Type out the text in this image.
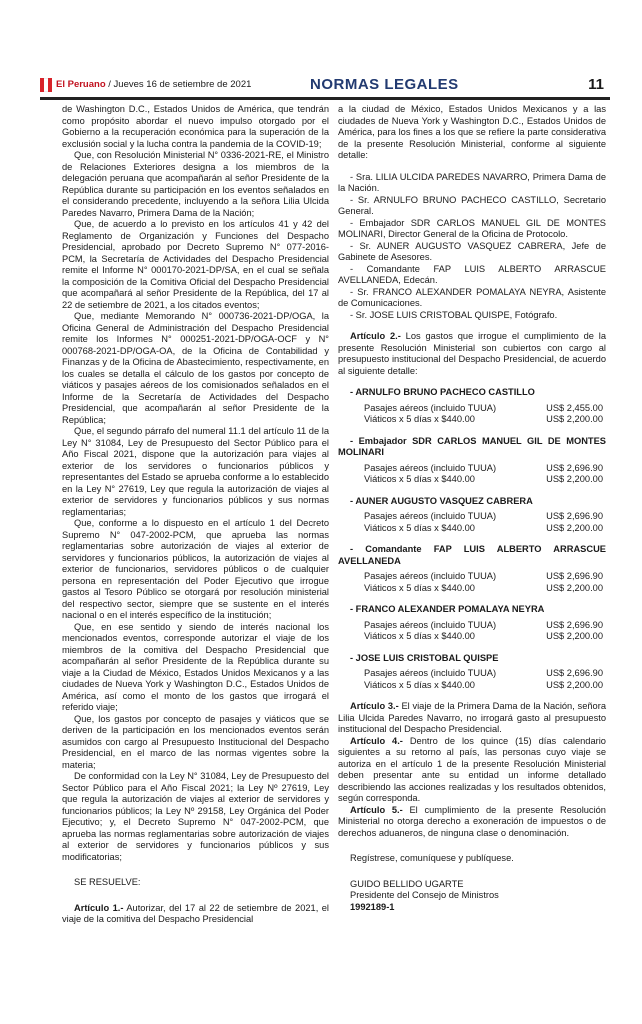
El Peruano / Jueves 16 de setiembre de 2021	NORMAS LEGALES	11

de Washington D.C., Estados Unidos de América, que tendrán como propósito abordar el nuevo impulso otorgado por el Gobierno a la recuperación económica para la superación de la exclusión social y la lucha contra la pandemia de la COVID-19;

Que, con Resolución Ministerial N° 0336-2021-RE, el Ministro de Relaciones Exteriores designa a los miembros de la delegación peruana que acompañarán al señor Presidente de la República durante su participación en los eventos señalados en el considerando precedente, incluyendo a la señora Lilia Ulcida Paredes Navarro, Primera Dama de la Nación;

Que, de acuerdo a lo previsto en los artículos 41 y 42 del Reglamento de Organización y Funciones del Despacho Presidencial, aprobado por Decreto Supremo N° 077-2016-PCM, la Secretaría de Actividades del Despacho Presidencial remite el Informe N° 000170-2021-DP/SA, en el cual se señala la composición de la Comitiva Oficial del Despacho Presidencial que acompañará al señor Presidente de la República, del 17 al 22 de setiembre de 2021, a los citados eventos;

Que, mediante Memorando N° 000736-2021-DP/OGA, la Oficina General de Administración del Despacho Presidencial remite los Informes N° 000251-2021-DP/OGA-OCF y N° 000768-2021-DP/OGA-OA, de la Oficina de Contabilidad y Finanzas y de la Oficina de Abastecimiento, respectivamente, en los cuales se detalla el cálculo de los gastos por concepto de viáticos y pasajes aéreos de los comisionados señalados en el Informe de la Secretaría de Actividades del Despacho Presidencial, que acompañarán al señor Presidente de la República;

Que, el segundo párrafo del numeral 11.1 del artículo 11 de la Ley N° 31084, Ley de Presupuesto del Sector Público para el Año Fiscal 2021, dispone que la autorización para viajes al exterior de los servidores o funcionarios públicos y representantes del Estado se aprueba conforme a lo establecido en la Ley N° 27619, Ley que regula la autorización de viajes al exterior de servidores y funcionarios públicos y sus normas reglamentarias;

Que, conforme a lo dispuesto en el artículo 1 del Decreto Supremo N° 047-2002-PCM, que aprueba las normas reglamentarias sobre autorización de viajes al exterior de servidores y funcionarios públicos, la autorización de viajes al exterior de funcionarios, servidores públicos o de cualquier persona en representación del Poder Ejecutivo que irrogue gastos al Tesoro Público se otorgará por resolución ministerial del respectivo sector, siempre que se sustente en el interés nacional o en el interés específico de la institución;

Que, en ese sentido y siendo de interés nacional los mencionados eventos, corresponde autorizar el viaje de los miembros de la comitiva del Despacho Presidencial que acompañarán al señor Presidente de la República durante su viaje a la Ciudad de México, Estados Unidos Mexicanos y a las ciudades de Nueva York y Washington D.C., Estados Unidos de América, así como el monto de los gastos que irrogará el referido viaje;

Que, los gastos por concepto de pasajes y viáticos que se deriven de la participación en los mencionados eventos serán asumidos con cargo al Presupuesto Institucional del Despacho Presidencial, en el marco de las normas vigentes sobre la materia;

De conformidad con la Ley N° 31084, Ley de Presupuesto del Sector Público para el Año Fiscal 2021; la Ley Nº 27619, Ley que regula la autorización de viajes al exterior de servidores y funcionarios públicos; la Ley Nº 29158, Ley Orgánica del Poder Ejecutivo; y, el Decreto Supremo N° 047-2002-PCM, que aprueba las normas reglamentarias sobre autorización de viajes al exterior de servidores y funcionarios públicos y sus modificatorias;

SE RESUELVE:

Artículo 1.- Autorizar, del 17 al 22 de setiembre de 2021, el viaje de la comitiva del Despacho Presidencial

a la ciudad de México, Estados Unidos Mexicanos y a las ciudades de Nueva York y Washington D.C., Estados Unidos de América, para los fines a los que se refiere la parte considerativa de la presente Resolución Ministerial, conforme al siguiente detalle:

- Sra. LILIA ULCIDA PAREDES NAVARRO, Primera Dama de la Nación.

- Sr. ARNULFO BRUNO PACHECO CASTILLO, Secretario General.

- Embajador SDR CARLOS MANUEL GIL DE MONTES MOLINARI, Director General de la Oficina de Protocolo.

- Sr. AUNER AUGUSTO VASQUEZ CABRERA, Jefe de Gabinete de Asesores.

- Comandante FAP LUIS ALBERTO ARRASCUE AVELLANEDA, Edecán.

- Sr. FRANCO ALEXANDER POMALAYA NEYRA, Asistente de Comunicaciones.

- Sr. JOSE LUIS CRISTOBAL QUISPE, Fotógrafo.

Artículo 2.- Los gastos que irrogue el cumplimiento de la presente Resolución Ministerial son cubiertos con cargo al presupuesto institucional del Despacho Presidencial, de acuerdo al siguiente detalle:

- ARNULFO BRUNO PACHECO CASTILLO

Pasajes aéreos (incluido TUUA)	US$ 2,455.00
Viáticos x 5 días x $440.00	US$ 2,200.00

- Embajador SDR CARLOS MANUEL GIL DE MONTES MOLINARI

Pasajes aéreos (incluido TUUA)	US$ 2,696.90
Viáticos x 5 días x $440.00	US$ 2,200.00

- AUNER AUGUSTO VASQUEZ CABRERA

Pasajes aéreos (incluido TUUA)	US$ 2,696.90
Viáticos x 5 días x $440.00	US$ 2,200.00

- Comandante FAP LUIS ALBERTO ARRASCUE AVELLANEDA

Pasajes aéreos (incluido TUUA)	US$ 2,696.90
Viáticos x 5 días x $440.00	US$ 2,200.00

- FRANCO ALEXANDER POMALAYA NEYRA

Pasajes aéreos (incluido TUUA)	US$ 2,696.90
Viáticos x 5 días x $440.00	US$ 2,200.00

- JOSE LUIS CRISTOBAL QUISPE

Pasajes aéreos (incluido TUUA)	US$ 2,696.90
Viáticos x 5 días x $440.00	US$ 2,200.00

Artículo 3.- El viaje de la Primera Dama de la Nación, señora Lilia Ulcida Paredes Navarro, no irrogará gasto al presupuesto institucional del Despacho Presidencial.

Artículo 4.- Dentro de los quince (15) días calendario siguientes a su retorno al país, las personas cuyo viaje se autoriza en el artículo 1 de la presente Resolución Ministerial deben presentar ante su entidad un informe detallado describiendo las acciones realizadas y los resultados obtenidos, según corresponda.

Artículo 5.- El cumplimiento de la presente Resolución Ministerial no otorga derecho a exoneración de impuestos o de derechos aduaneros, de ninguna clase o denominación.

Regístrese, comuníquese y publíquese.

GUIDO BELLIDO UGARTE

Presidente del Consejo de Ministros

1992189-1
